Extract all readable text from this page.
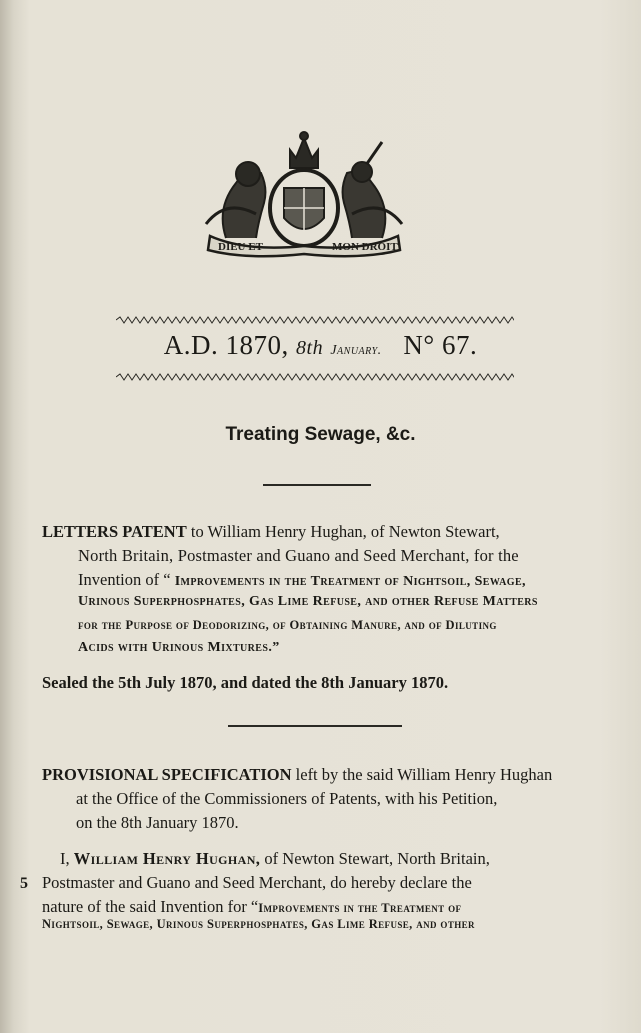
DIEU ET	MON DROIT
A.D. 1870, 8th January. N° 67.
Treating Sewage, &c.
LETTERS PATENT to William Henry Hughan, of Newton Stewart,
North Britain, Postmaster and Guano and Seed Merchant, for the
Invention of “ Improvements in the Treatment of Nightsoil, Sewage,
Urinous Superphosphates, Gas Lime Refuse, and other Refuse Matters
for the Purpose of Deodorizing, of Obtaining Manure, and of Diluting
Acids with Urinous Mixtures.”
Sealed the 5th July 1870, and dated the 8th January 1870.
PROVISIONAL SPECIFICATION left by the said William Henry Hughan
at the Office of the Commissioners of Patents, with his Petition,
on the 8th January 1870.
I, William Henry Hughan, of Newton Stewart, North Britain,
5 Postmaster and Guano and Seed Merchant, do hereby declare the
nature of the said Invention for “Improvements in the Treatment of
Nightsoil, Sewage, Urinous Superphosphates, Gas Lime Refuse, and other
